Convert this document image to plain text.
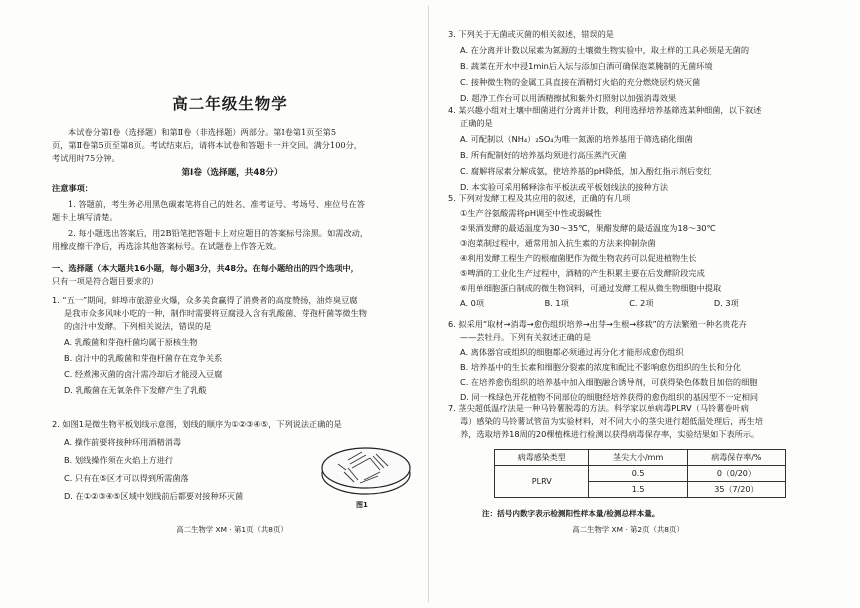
高二年级生物学

本试卷分第Ⅰ卷（选择题）和第Ⅱ卷（非选择题）两部分。第Ⅰ卷第1页至第5

页，第Ⅱ卷第5页至第8页。考试结束后，请将本试卷和答题卡一并交回。满分100分，

考试用时75分钟。

第Ⅰ卷（选择题，共48分）

注意事项：

1. 答题前，考生务必用黑色碳素笔将自己的姓名、准考证号、考场号、座位号在答

题卡上填写清楚。

2. 每小题选出答案后，用2B铅笔把答题卡上对应题目的答案标号涂黑。如需改动，

用橡皮擦干净后，再选涂其他答案标号。在试题卷上作答无效。

一、选择题（本大题共16小题，每小题3分，共48分。在每小题给出的四个选项中，

只有一项是符合题目要求的）

1. “五一”期间，蚌埠市旅游业火爆，众多美食赢得了消费者的高度赞扬，油炸臭豆腐

是我市众多风味小吃的一种，制作时需要将豆腐浸入含有乳酸菌、芽孢杆菌等微生物

的卤汁中发酵。下列相关说法，错误的是

A. 乳酸菌和芽孢杆菌均属于原核生物

B. 卤汁中的乳酸菌和芽孢杆菌存在竞争关系

C. 经煮沸灭菌的卤汁需冷却后才能浸入豆腐

D. 乳酸菌在无氧条件下发酵产生了乳酸

2. 如图1是微生物平板划线示意图，划线的顺序为①②③④⑤，下列说法正确的是

A. 操作前要将接种环用酒精消毒

B. 划线操作须在火焰上方进行

C. 只有在⑤区才可以得到所需菌落

D. 在①②③④⑤区域中划线前后都要对接种环灭菌

图1
高二生物学 XM · 第1页（共8页）

3. 下列关于无菌或灭菌的相关叙述，错误的是

A. 在分离并计数以尿素为氮源的土壤微生物实验中，取土样的工具必须是无菌的

B. 蔬菜在开水中浸1min后入坛与添加白酒可确保泡菜腌制的无菌环境

C. 接种微生物的金属工具直接在酒精灯火焰的充分燃烧层灼烧灭菌

D. 超净工作台可以用酒精擦拭和紫外灯照射以加强消毒效果

4. 某兴趣小组对土壤中细菌进行分离并计数，利用选择培养基筛选某种细菌，以下叙述

正确的是

A. 可配制以（NH₄）₂SO₄为唯一氮源的培养基用于筛选硝化细菌

B. 所有配制好的培养基均须进行高压蒸汽灭菌

C. 腐解将尿素分解成氨，使培养基的pH降低，加入酚红指示剂后变红

D. 本实验可采用稀释涂布平板法或平板划线法的接种方法

5. 下列对发酵工程及其应用的叙述，正确的有几项

①生产谷氨酸需将pH调至中性或弱碱性

②果酒发酵的最适温度为30～35℃，果醋发酵的最适温度为18～30℃

③泡菜制过程中，通常用加入抗生素的方法来抑制杂菌

④利用发酵工程生产的根瘤菌肥作为微生物农药可以促进植物生长

⑤啤酒的工业化生产过程中，酒精的产生积累主要在后发酵阶段完成

⑥用单细胞蛋白制成的微生物饲料，可通过发酵工程从微生物细胞中提取

A. 0项	B. 1项	C. 2项	D. 3项

6. 拟采用“取材→消毒→愈伤组织培养→出芽→生根→移栽”的方法繁殖一种名贵花卉

——芸牡丹。下列有关叙述正确的是

A. 离体器官或组织的细胞都必须通过再分化才能形成愈伤组织

B. 培养基中的生长素和细胞分裂素的浓度和配比不影响愈伤组织的生长和分化

C. 在培养愈伤组织的培养基中加入细胞融合诱导剂，可获得染色体数目加倍的细胞

D. 同一株绿色开花植物不同部位的细胞经培养获得的愈伤组织的基因型不一定相同

7. 茎尖超低温疗法是一种马铃薯脱毒的方法。科学家以单病毒PLRV（马铃薯卷叶病

毒）感染的马铃薯试管苗为实验材料，对不同大小的茎尖进行超低温处理后，再生培

养，选取培养18周的20棵植株进行检测以获得病毒保存率，实验结果如下表所示。

病毒感染类型	茎尖大小/mm	病毒保存率/%
PLRV	0.5	0（0/20）
	1.5	35（7/20）
注：括号内数字表示检测阳性样本量/检测总样本量。
高二生物学 XM · 第2页（共8页）
